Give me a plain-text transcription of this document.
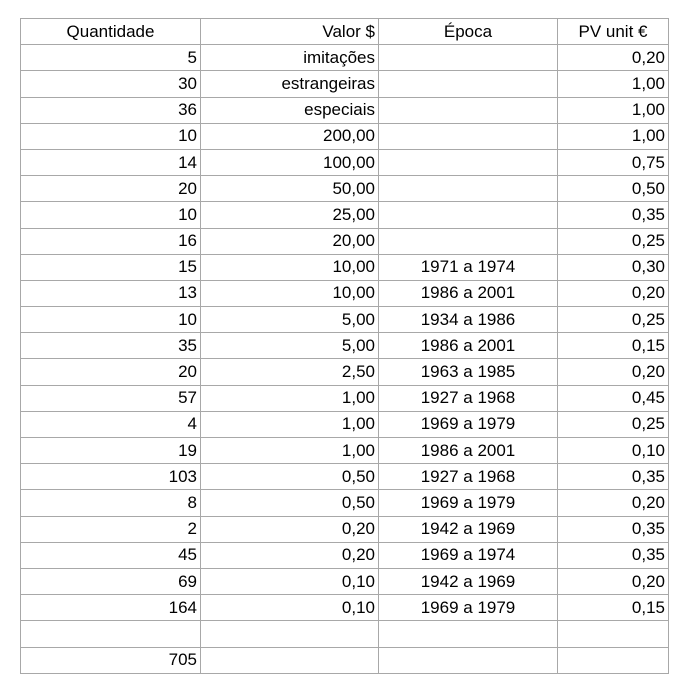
Quantidade	Valor $	Época	PV unit €
5	imitações		0,20
30	estrangeiras		1,00
36	especiais		1,00
10	200,00		1,00
14	100,00		0,75
20	50,00		0,50
10	25,00		0,35
16	20,00		0,25
15	10,00	1971 a 1974	0,30
13	10,00	1986 a 2001	0,20
10	5,00	1934 a 1986	0,25
35	5,00	1986 a 2001	0,15
20	2,50	1963 a 1985	0,20
57	1,00	1927 a 1968	0,45
4	1,00	1969 a 1979	0,25
19	1,00	1986 a 2001	0,10
103	0,50	1927 a 1968	0,35
8	0,50	1969 a 1979	0,20
2	0,20	1942 a 1969	0,35
45	0,20	1969 a 1974	0,35
69	0,10	1942 a 1969	0,20
164	0,10	1969 a 1979	0,15

705			
